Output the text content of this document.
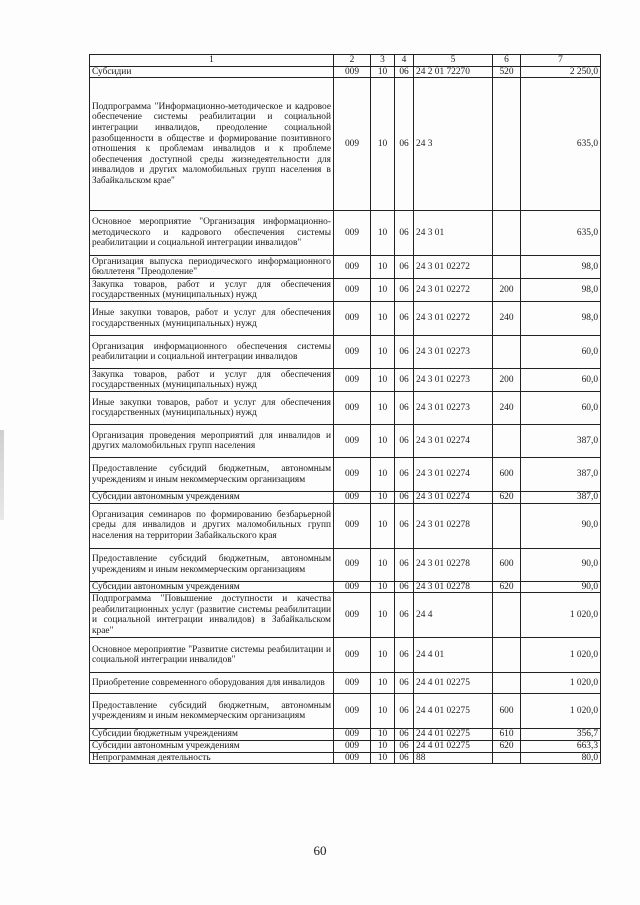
1	2	3	4	5	6	7
Субсидии	009	10	06	24 2 01 72270	520	2 250,0
Подпрограмма "Информационно-методическое и кадровое обеспечение системы реабилитации и социальной интеграции инвалидов, преодоление социальной разобщенности в обществе и формирование позитивного отношения к проблемам инвалидов и к проблеме обеспечения доступной среды жизнедеятельности для инвалидов и других маломобильных групп населения в Забайкальском крае"	009	10	06	24 3		635,0
Основное мероприятие "Организация информационно-методического и кадрового обеспечения системы реабилитации и социальной интеграции инвалидов"	009	10	06	24 3 01		635,0
Организация выпуска периодического информационного бюллетеня "Преодоление"	009	10	06	24 3 01 02272		98,0
Закупка товаров, работ и услуг для обеспечения государственных (муниципальных) нужд	009	10	06	24 3 01 02272	200	98,0
Иные закупки товаров, работ и услуг для обеспечения государственных (муниципальных) нужд	009	10	06	24 3 01 02272	240	98,0
Организация информационного обеспечения системы реабилитации и социальной интеграции инвалидов	009	10	06	24 3 01 02273		60,0
Закупка товаров, работ и услуг для обеспечения государственных (муниципальных) нужд	009	10	06	24 3 01 02273	200	60,0
Иные закупки товаров, работ и услуг для обеспечения государственных (муниципальных) нужд	009	10	06	24 3 01 02273	240	60,0
Организация проведения мероприятий для инвалидов и других маломобильных групп населения	009	10	06	24 3 01 02274		387,0
Предоставление субсидий бюджетным, автономным учреждениям и иным некоммерческим организациям	009	10	06	24 3 01 02274	600	387,0
Субсидии автономным учреждениям	009	10	06	24 3 01 02274	620	387,0
Организация семинаров по формированию безбарьерной среды для инвалидов и других маломобильных групп населения на территории Забайкальского края	009	10	06	24 3 01 02278		90,0
Предоставление субсидий бюджетным, автономным учреждениям и иным некоммерческим организациям	009	10	06	24 3 01 02278	600	90,0
Субсидии автономным учреждениям	009	10	06	24 3 01 02278	620	90,0
Подпрограмма "Повышение доступности и качества реабилитационных услуг (развитие системы реабилитации и социальной интеграции инвалидов) в Забайкальском крае"	009	10	06	24 4		1 020,0
Основное мероприятие "Развитие системы реабилитации и социальной интеграции инвалидов"	009	10	06	24 4 01		1 020,0
Приобретение современного оборудования для инвалидов	009	10	06	24 4 01 02275		1 020,0
Предоставление субсидий бюджетным, автономным учреждениям и иным некоммерческим организациям	009	10	06	24 4 01 02275	600	1 020,0
Субсидии бюджетным учреждениям	009	10	06	24 4 01 02275	610	356,7
Субсидии автономным учреждениям	009	10	06	24 4 01 02275	620	663,3
Непрограммная деятельность	009	10	06	88		80,0
60
